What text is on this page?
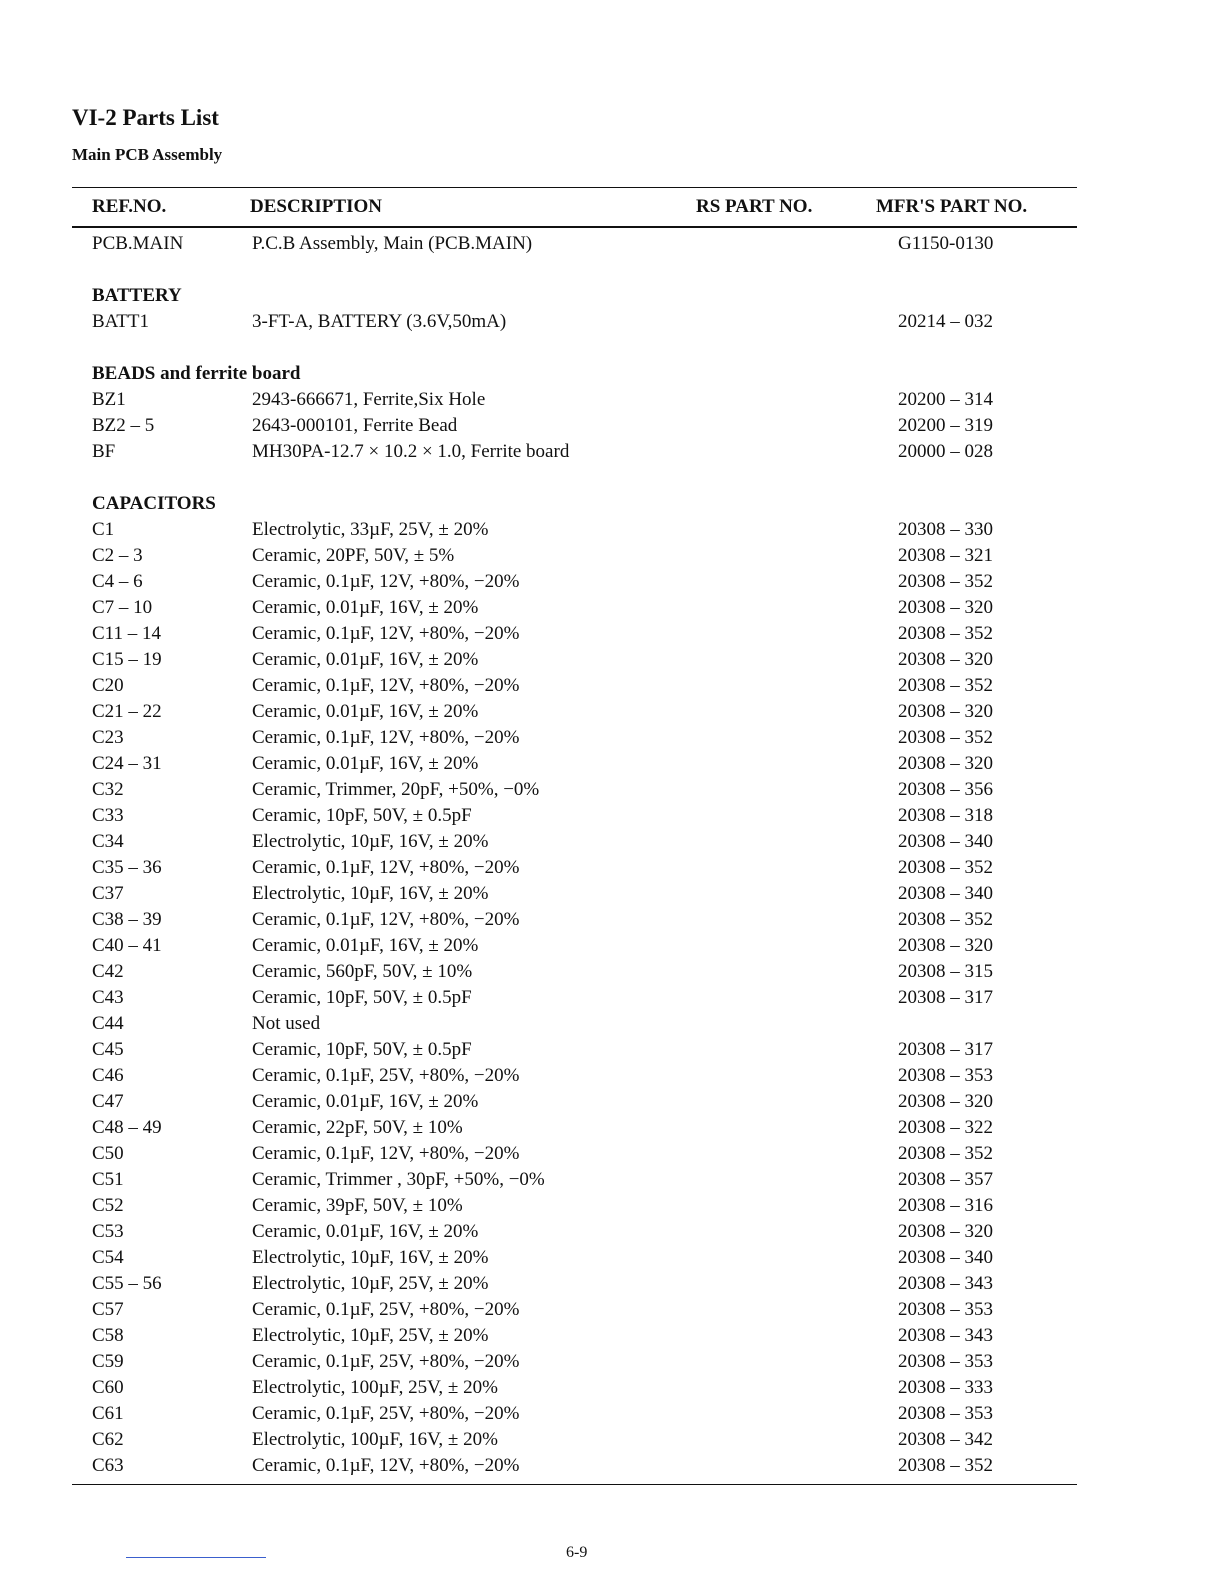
VI-2 Parts List
Main PCB Assembly
REF.NO.	DESCRIPTION	RS PART NO.	MFR'S PART NO.
PCB.MAIN	P.C.B Assembly, Main (PCB.MAIN)	G1150-0130
BATTERY
BATT1	3-FT-A, BATTERY (3.6V,50mA)	20214 – 032
BEADS and ferrite board
BZ1	2943-666671, Ferrite,Six Hole	20200 – 314
BZ2 – 5	2643-000101, Ferrite Bead	20200 – 319
BF	MH30PA-12.7 × 10.2 × 1.0, Ferrite board	20000 – 028
CAPACITORS
C1	Electrolytic, 33µF, 25V, ± 20%	20308 – 330
C2 – 3	Ceramic, 20PF, 50V, ± 5%	20308 – 321
C4 – 6	Ceramic, 0.1µF, 12V, +80%, −20%	20308 – 352
C7 – 10	Ceramic, 0.01µF, 16V, ± 20%	20308 – 320
C11 – 14	Ceramic, 0.1µF, 12V, +80%, −20%	20308 – 352
C15 – 19	Ceramic, 0.01µF, 16V, ± 20%	20308 – 320
C20	Ceramic, 0.1µF, 12V, +80%, −20%	20308 – 352
C21 – 22	Ceramic, 0.01µF, 16V, ± 20%	20308 – 320
C23	Ceramic, 0.1µF, 12V, +80%, −20%	20308 – 352
C24 – 31	Ceramic, 0.01µF, 16V, ± 20%	20308 – 320
C32	Ceramic, Trimmer, 20pF, +50%, −0%	20308 – 356
C33	Ceramic, 10pF, 50V, ± 0.5pF	20308 – 318
C34	Electrolytic, 10µF, 16V, ± 20%	20308 – 340
C35 – 36	Ceramic, 0.1µF, 12V, +80%, −20%	20308 – 352
C37	Electrolytic, 10µF, 16V, ± 20%	20308 – 340
C38 – 39	Ceramic, 0.1µF, 12V, +80%, −20%	20308 – 352
C40 – 41	Ceramic, 0.01µF, 16V, ± 20%	20308 – 320
C42	Ceramic, 560pF, 50V, ± 10%	20308 – 315
C43	Ceramic, 10pF, 50V, ± 0.5pF	20308 – 317
C44	Not used
C45	Ceramic, 10pF, 50V, ± 0.5pF	20308 – 317
C46	Ceramic, 0.1µF, 25V, +80%, −20%	20308 – 353
C47	Ceramic, 0.01µF, 16V, ± 20%	20308 – 320
C48 – 49	Ceramic, 22pF, 50V, ± 10%	20308 – 322
C50	Ceramic, 0.1µF, 12V, +80%, −20%	20308 – 352
C51	Ceramic, Trimmer , 30pF, +50%, −0%	20308 – 357
C52	Ceramic, 39pF, 50V, ± 10%	20308 – 316
C53	Ceramic, 0.01µF, 16V, ± 20%	20308 – 320
C54	Electrolytic, 10µF, 16V, ± 20%	20308 – 340
C55 – 56	Electrolytic, 10µF, 25V, ± 20%	20308 – 343
C57	Ceramic, 0.1µF, 25V, +80%, −20%	20308 – 353
C58	Electrolytic, 10µF, 25V, ± 20%	20308 – 343
C59	Ceramic, 0.1µF, 25V, +80%, −20%	20308 – 353
C60	Electrolytic, 100µF, 25V, ± 20%	20308 – 333
C61	Ceramic, 0.1µF, 25V, +80%, −20%	20308 – 353
C62	Electrolytic, 100µF, 16V, ± 20%	20308 – 342
C63	Ceramic, 0.1µF, 12V, +80%, −20%	20308 – 352
6-9
